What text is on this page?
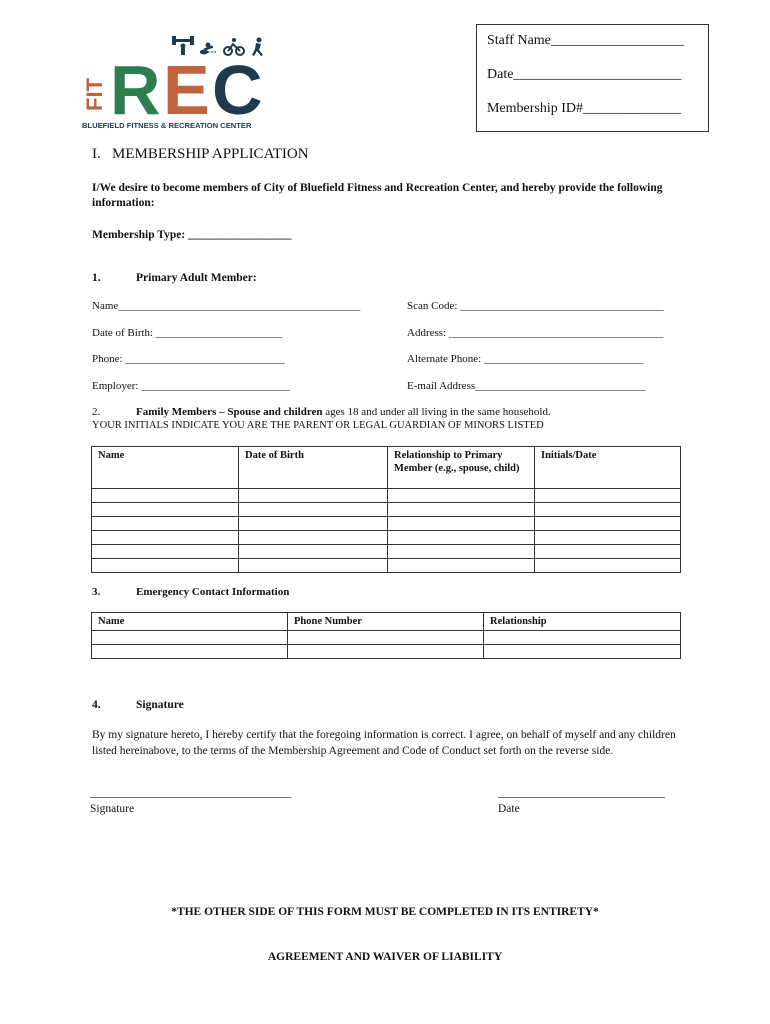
FIT R E C
BLUEFIELD FITNESS & RECREATION CENTER
Staff Name___________________
Date________________________
Membership ID#______________
I.   MEMBERSHIP APPLICATION
I/We desire to become members of City of Bluefield Fitness and Recreation Center, and hereby provide the following information:
Membership Type: __________________
1.	Primary Adult Member:
Name____________________________________________	Scan Code: _____________________________________
Date of Birth: _______________________	Address: _______________________________________
Phone: _____________________________	Alternate Phone: _____________________________
Employer: ___________________________	E-mail Address_______________________________
2.	Family Members – Spouse and children ages 18 and under all living in the same household.
YOUR INITIALS INDICATE YOU ARE THE PARENT OR LEGAL GUARDIAN OF MINORS LISTED
Name	Date of Birth	Relationship to Primary Member (e.g., spouse, child)	Initials/Date

3.	Emergency Contact Information
Name	Phone Number	Relationship

4.	Signature
By my signature hereto, I hereby certify that the foregoing information is correct. I agree, on behalf of myself and any children listed hereinabove, to the terms of the Membership Agreement and Code of Conduct set forth on the reverse side.
___________________________________
Signature
_____________________________
Date
*THE OTHER SIDE OF THIS FORM MUST BE COMPLETED IN ITS ENTIRETY*
AGREEMENT AND WAIVER OF LIABILITY
